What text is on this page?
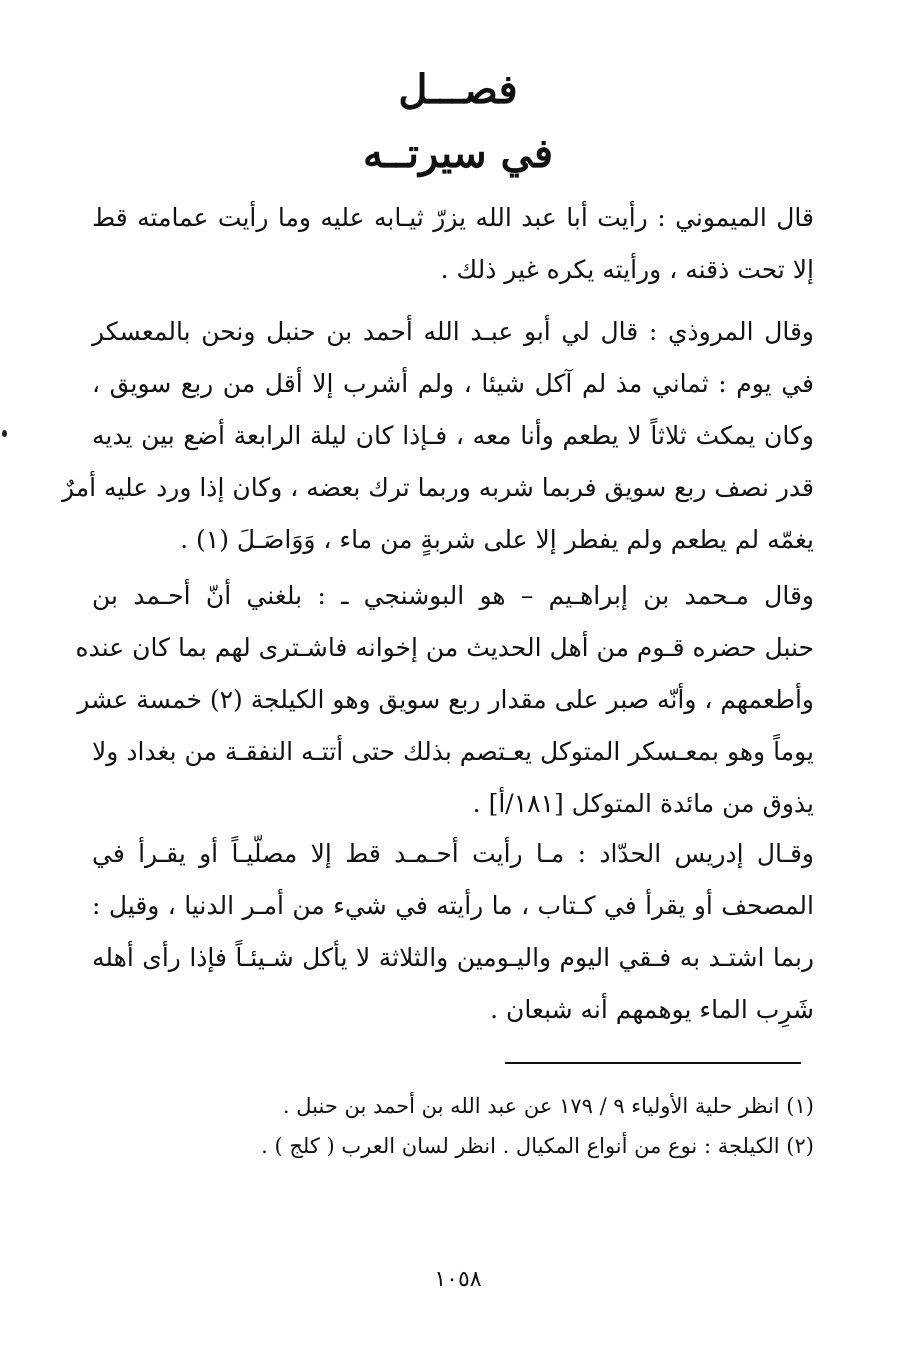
فصـــل
في سيرتــه
قال الميموني : رأيت أبا عبد الله يزرّ ثيـابه عليه وما رأيت عمامته قط
إلا تحت ذقنه ، ورأيته يكره غير ذلك .
وقال المروذي : قال لي أبو عبـد الله أحمد بن حنبل ونحن بالمعسكر
في يوم : ثماني مذ لم آكل شيئا ، ولم أشرب إلا أقل من ربع سويق ،
وكان يمكث ثلاثاً لا يطعم وأنا معه ، فـإذا كان ليلة الرابعة أضع بين يديه
قدر نصف ربع سويق فربما شربه وربما ترك بعضه ، وكان إذا ورد عليه أمرٌ
يغمّه لم يطعم ولم يفطر إلا على شربةٍ من ماء ، وَوَاصَـلَ (١) .
وقال مـحمد بن إبراهـيم – هو البوشنجي ـ : بلغني أنّ أحـمد بن
حنبل حضره قـوم من أهل الحديث من إخوانه فاشـترى لهم بما كان عنده
وأطعمهم ، وأنّه صبر على مقدار ربع سويق وهو الكيلجة (٢) خمسة عشر
يوماً وهو بمعـسكر المتوكل يعـتصم بذلك حتى أتتـه النفقـة من بغداد ولا
يذوق من مائدة المتوكل [١٨١/أ] .
وقـال إدريس الحدّاد : مـا رأيت أحـمـد قط إلا مصلّيـاً أو يقـرأ في
المصحف أو يقرأ في كـتاب ، ما رأيته في شيء من أمـر الدنيا ، وقيل :
ربما اشتـد به فـقي اليوم واليـومين والثلاثة لا يأكل شـيئـاً فإذا رأى أهله
شَرِب الماء يوهمهم أنه شبعان .
(١) انظر حلية الأولياء ٩ / ١٧٩ عن عبد الله بن أحمد بن حنبل .
(٢) الكيلجة : نوع من أنواع المكيال . انظر لسان العرب ( كلج ) .
١٠٥٨
